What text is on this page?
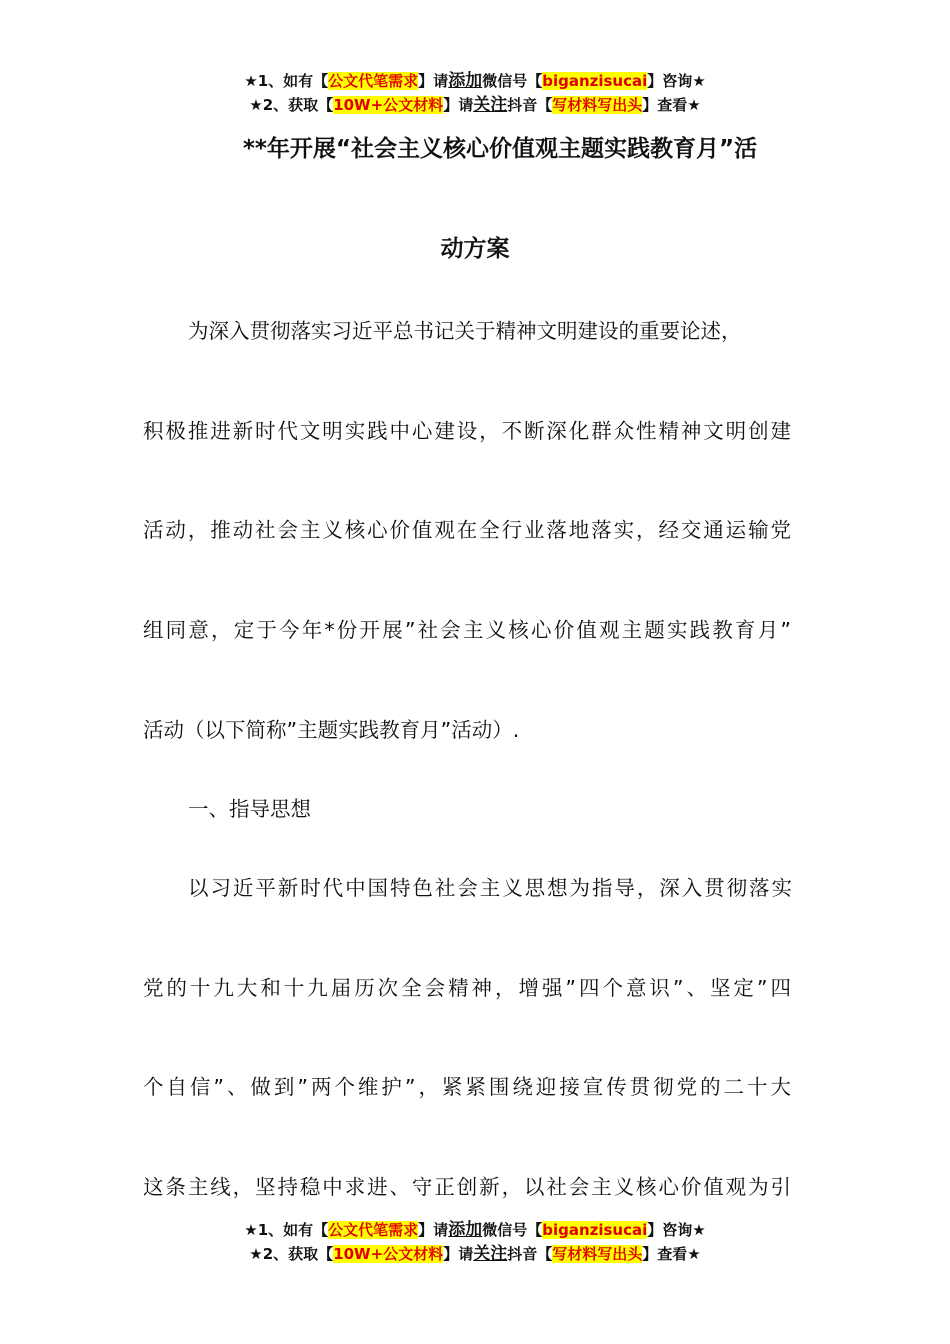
★1、如有【公文代笔需求】请添加微信号【biganzisucai】咨询★
★2、获取【10W+公文材料】请关注抖音【写材料写出头】查看★
**年开展“社会主义核心价值观主题实践教育月”活
动方案
为深入贯彻落实习近平总书记关于精神文明建设的重要论述，
积极推进新时代文明实践中心建设，不断深化群众性精神文明创建
活动，推动社会主义核心价值观在全行业落地落实，经交通运输党
组同意，定于今年*份开展”社会主义核心价值观主题实践教育月”
活动（以下简称”主题实践教育月”活动）.
一、指导思想
以习近平新时代中国特色社会主义思想为指导，深入贯彻落实
党的十九大和十九届历次全会精神，增强”四个意识”、坚定”四
个自信”、做到”两个维护”，紧紧围绕迎接宣传贯彻党的二十大
这条主线，坚持稳中求进、守正创新，以社会主义核心价值观为引
★1、如有【公文代笔需求】请添加微信号【biganzisucai】咨询★
★2、获取【10W+公文材料】请关注抖音【写材料写出头】查看★
